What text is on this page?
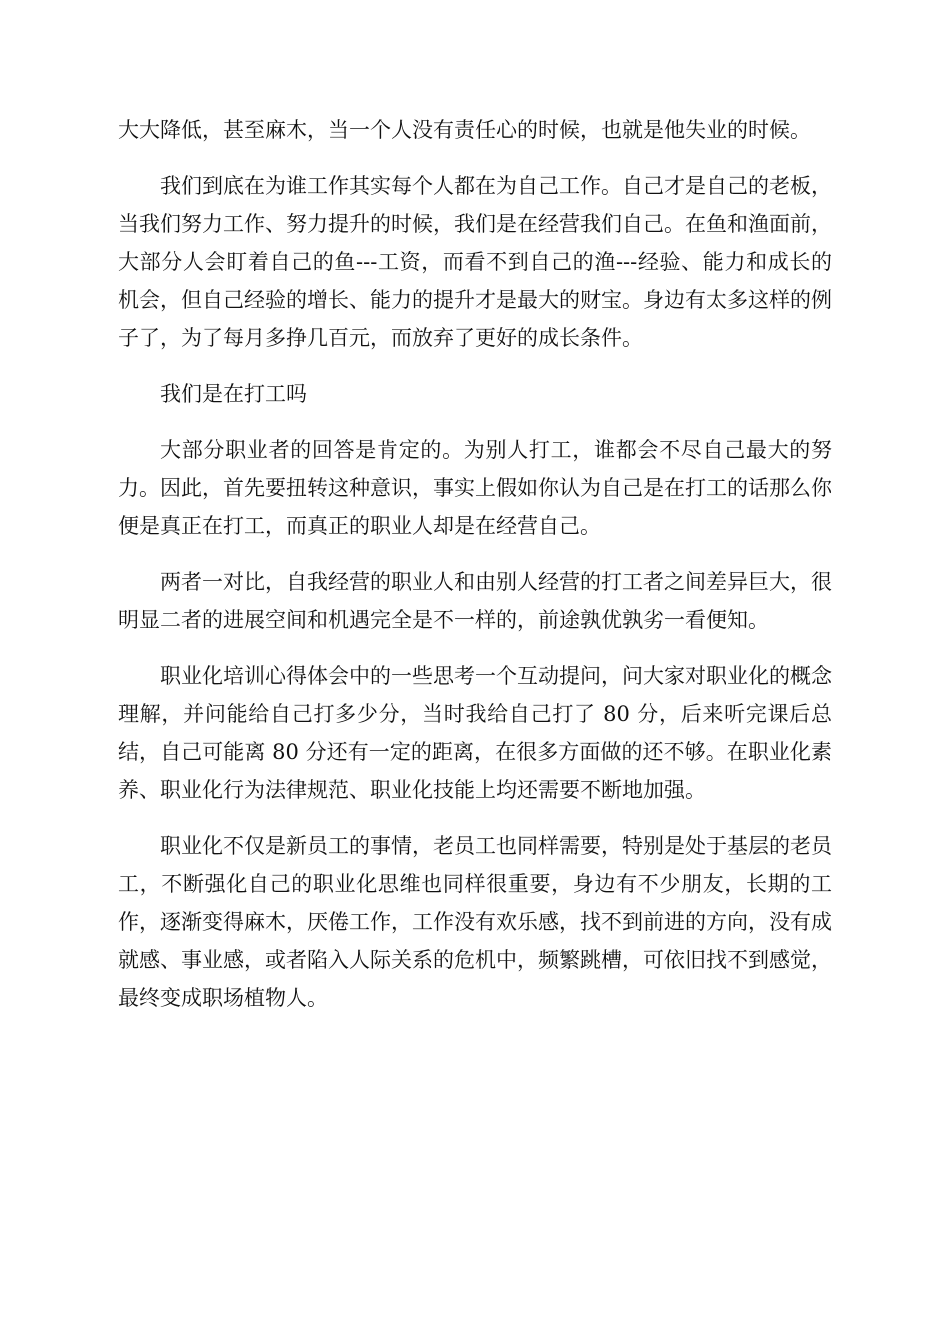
大大降低，甚至麻木，当一个人没有责任心的时候，也就是他失业的时候。

我们到底在为谁工作其实每个人都在为自己工作。自己才是自己的老板，当我们努力工作、努力提升的时候，我们是在经营我们自己。在鱼和渔面前，大部分人会盯着自己的鱼---工资，而看不到自己的渔---经验、能力和成长的机会，但自己经验的增长、能力的提升才是最大的财宝。身边有太多这样的例子了，为了每月多挣几百元，而放弃了更好的成长条件。

我们是在打工吗

大部分职业者的回答是肯定的。为别人打工，谁都会不尽自己最大的努力。因此，首先要扭转这种意识，事实上假如你认为自己是在打工的话那么你便是真正在打工，而真正的职业人却是在经营自己。

两者一对比，自我经营的职业人和由别人经营的打工者之间差异巨大，很明显二者的进展空间和机遇完全是不一样的，前途孰优孰劣一看便知。

职业化培训心得体会中的一些思考一个互动提问，问大家对职业化的概念理解，并问能给自己打多少分，当时我给自己打了 80 分，后来听完课后总结，自己可能离 80 分还有一定的距离，在很多方面做的还不够。在职业化素养、职业化行为法律规范、职业化技能上均还需要不断地加强。

职业化不仅是新员工的事情，老员工也同样需要，特别是处于基层的老员工，不断强化自己的职业化思维也同样很重要，身边有不少朋友，长期的工作，逐渐变得麻木，厌倦工作，工作没有欢乐感，找不到前进的方向，没有成就感、事业感，或者陷入人际关系的危机中，频繁跳槽，可依旧找不到感觉，最终变成职场植物人。
